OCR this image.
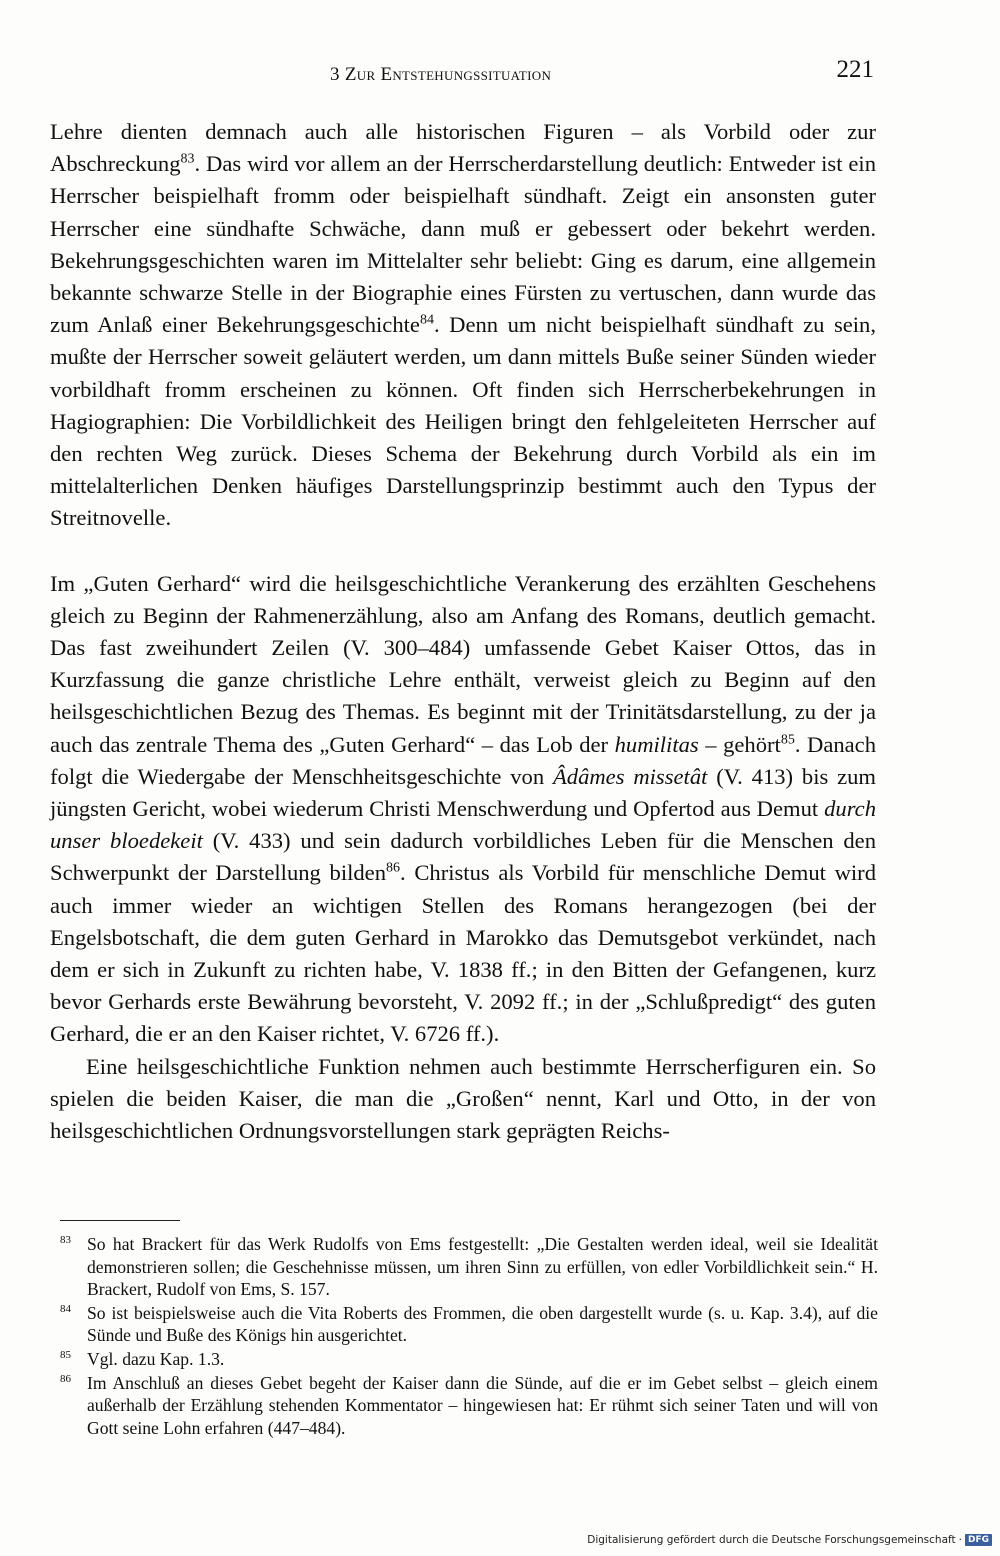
3 Zur Entstehungssituation	221

Lehre dienten demnach auch alle historischen Figuren – als Vorbild oder zur Abschreckung$^{83}$. Das wird vor allem an der Herrscherdarstellung deutlich: Entweder ist ein Herrscher beispielhaft fromm oder beispielhaft sündhaft. Zeigt ein ansonsten guter Herrscher eine sündhafte Schwäche, dann muß er gebessert oder bekehrt werden. Bekehrungsgeschichten waren im Mittelalter sehr beliebt: Ging es darum, eine allgemein bekannte schwarze Stelle in der Biographie eines Fürsten zu vertuschen, dann wurde das zum Anlaß einer Bekehrungsgeschichte$^{84}$. Denn um nicht beispielhaft sündhaft zu sein, mußte der Herrscher soweit geläutert werden, um dann mittels Buße seiner Sünden wieder vorbildhaft fromm erscheinen zu können. Oft finden sich Herrscherbekehrungen in Hagiographien: Die Vorbildlichkeit des Heiligen bringt den fehlgeleiteten Herrscher auf den rechten Weg zurück. Dieses Schema der Bekehrung durch Vorbild als ein im mittelalterlichen Denken häufiges Darstellungsprinzip bestimmt auch den Typus der Streitnovelle.

Im „Guten Gerhard“ wird die heilsgeschichtliche Verankerung des erzählten Geschehens gleich zu Beginn der Rahmenerzählung, also am Anfang des Romans, deutlich gemacht. Das fast zweihundert Zeilen (V. 300–484) umfassende Gebet Kaiser Ottos, das in Kurzfassung die ganze christliche Lehre enthält, verweist gleich zu Beginn auf den heilsgeschichtlichen Bezug des Themas. Es beginnt mit der Trinitätsdarstellung, zu der ja auch das zentrale Thema des „Guten Gerhard“ – das Lob der humilitas – gehört$^{85}$. Danach folgt die Wiedergabe der Menschheitsgeschichte von Âdâmes missetât (V. 413) bis zum jüngsten Gericht, wobei wiederum Christi Menschwerdung und Opfertod aus Demut durch unser bloedekeit (V. 433) und sein dadurch vorbildliches Leben für die Menschen den Schwerpunkt der Darstellung bilden$^{86}$. Christus als Vorbild für menschliche Demut wird auch immer wieder an wichtigen Stellen des Romans herangezogen (bei der Engelsbotschaft, die dem guten Gerhard in Marokko das Demutsgebot verkündet, nach dem er sich in Zukunft zu richten habe, V. 1838 ff.; in den Bitten der Gefangenen, kurz bevor Gerhards erste Bewährung bevorsteht, V. 2092 ff.; in der „Schlußpredigt“ des guten Gerhard, die er an den Kaiser richtet, V. 6726 ff.).

Eine heilsgeschichtliche Funktion nehmen auch bestimmte Herrscherfiguren ein. So spielen die beiden Kaiser, die man die „Großen“ nennt, Karl und Otto, in der von heilsgeschichtlichen Ordnungsvorstellungen stark geprägten Reichs-

83 So hat Brackert für das Werk Rudolfs von Ems festgestellt: „Die Gestalten werden ideal, weil sie Idealität demonstrieren sollen; die Geschehnisse müssen, um ihren Sinn zu erfüllen, von edler Vorbildlichkeit sein.“ H. Brackert, Rudolf von Ems, S. 157.

84 So ist beispielsweise auch die Vita Roberts des Frommen, die oben dargestellt wurde (s. u. Kap. 3.4), auf die Sünde und Buße des Königs hin ausgerichtet.

85 Vgl. dazu Kap. 1.3.

86 Im Anschluß an dieses Gebet begeht der Kaiser dann die Sünde, auf die er im Gebet selbst – gleich einem außerhalb der Erzählung stehenden Kommentator – hingewiesen hat: Er rühmt sich seiner Taten und will von Gott seine Lohn erfahren (447–484).

Digitalisierung gefördert durch die Deutsche Forschungsgemeinschaft · DFG
